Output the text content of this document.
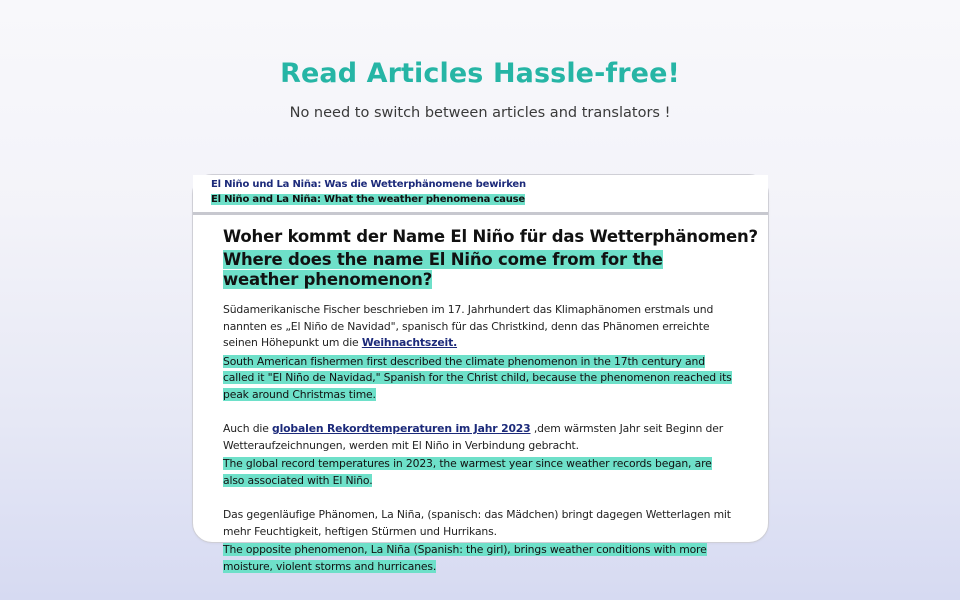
Read Articles Hassle-free!
No need to switch between articles and translators !
El Niño und La Niña: Was die Wetterphänomene bewirken
El Niño and La Niña: What the weather phenomena cause
Woher kommt der Name El Niño für das Wetterphänomen?
Where does the name El Niño come from for the weather phenomenon?
Südamerikanische Fischer beschrieben im 17. Jahrhundert das Klimaphänomen erstmals und nannten es „El Niño de Navidad", spanisch für das Christkind, denn das Phänomen erreichte seinen Höhepunkt um die Weihnachtszeit.
South American fishermen first described the climate phenomenon in the 17th century and called it "El Niño de Navidad," Spanish for the Christ child, because the phenomenon reached its peak around Christmas time.
Auch die globalen Rekordtemperaturen im Jahr 2023 ,dem wärmsten Jahr seit Beginn der Wetteraufzeichnungen, werden mit El Niño in Verbindung gebracht.
The global record temperatures in 2023, the warmest year since weather records began, are also associated with El Niño.
Das gegenläufige Phänomen, La Niña, (spanisch: das Mädchen) bringt dagegen Wetterlagen mit mehr Feuchtigkeit, heftigen Stürmen und Hurrikans.
The opposite phenomenon, La Niña (Spanish: the girl), brings weather conditions with more moisture, violent storms and hurricanes.
